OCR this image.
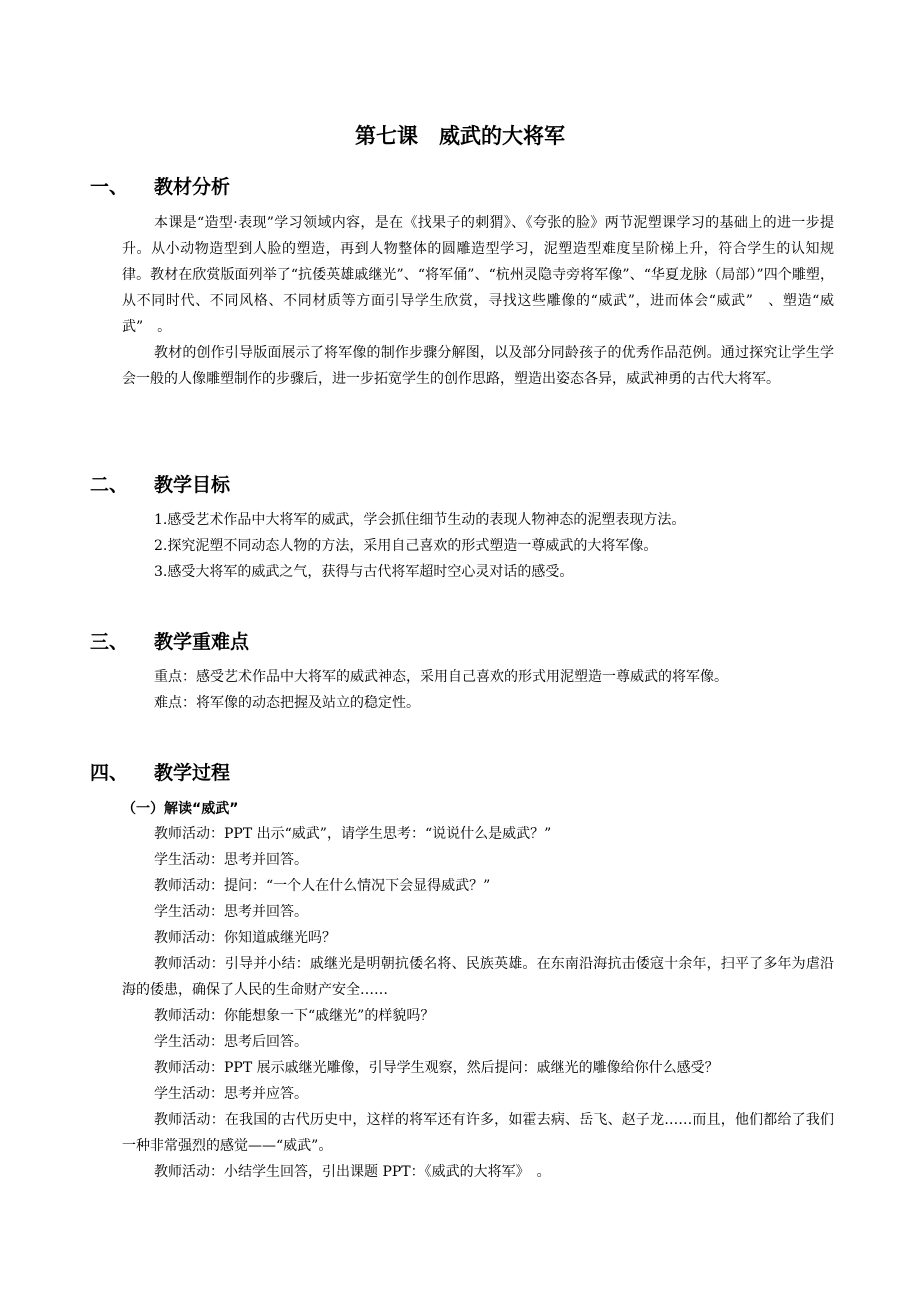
第七课　威武的大将军
一、 教材分析

本课是“造型·表现”学习领域内容，是在《找果子的刺猬》、《夸张的脸》两节泥塑课学习的基础上的进一步提升。从小动物造型到人脸的塑造，再到人物整体的圆雕造型学习，泥塑造型难度呈阶梯上升，符合学生的认知规律。教材在欣赏版面列举了“抗倭英雄戚继光”、“将军俑”、“杭州灵隐寺旁将军像”、“华夏龙脉（局部）”四个雕塑，从不同时代、不同风格、不同材质等方面引导学生欣赏，寻找这些雕像的“威武”，进而体会“威武”　、塑造“威武”　。

教材的创作引导版面展示了将军像的制作步骤分解图，以及部分同龄孩子的优秀作品范例。通过探究让学生学会一般的人像雕塑制作的步骤后，进一步拓宽学生的创作思路，塑造出姿态各异，威武神勇的古代大将军。

二、 教学目标

1.感受艺术作品中大将军的威武，学会抓住细节生动的表现人物神态的泥塑表现方法。

2.探究泥塑不同动态人物的方法，采用自己喜欢的形式塑造一尊威武的大将军像。

3.感受大将军的威武之气，获得与古代将军超时空心灵对话的感受。

三、 教学重难点

重点：感受艺术作品中大将军的威武神态，采用自己喜欢的形式用泥塑造一尊威武的将军像。

难点：将军像的动态把握及站立的稳定性。

四、 教学过程
（一）解读“威武”

教师活动：PPT 出示“威武”，请学生思考：“说说什么是威武？”

学生活动：思考并回答。

教师活动：提问：“一个人在什么情况下会显得威武？”

学生活动：思考并回答。

教师活动：你知道戚继光吗？

教师活动：引导并小结：戚继光是明朝抗倭名将、民族英雄。在东南沿海抗击倭寇十余年，扫平了多年为虐沿海的倭患，确保了人民的生命财产安全……

教师活动：你能想象一下“戚继光”的样貌吗？

学生活动：思考后回答。

教师活动：PPT 展示戚继光雕像，引导学生观察，然后提问：戚继光的雕像给你什么感受？

学生活动：思考并应答。

教师活动：在我国的古代历史中，这样的将军还有许多，如霍去病、岳飞、赵子龙……而且，他们都给了我们一种非常强烈的感觉——“威武”。

教师活动：小结学生回答，引出课题 PPT：《威武的大将军》　。
